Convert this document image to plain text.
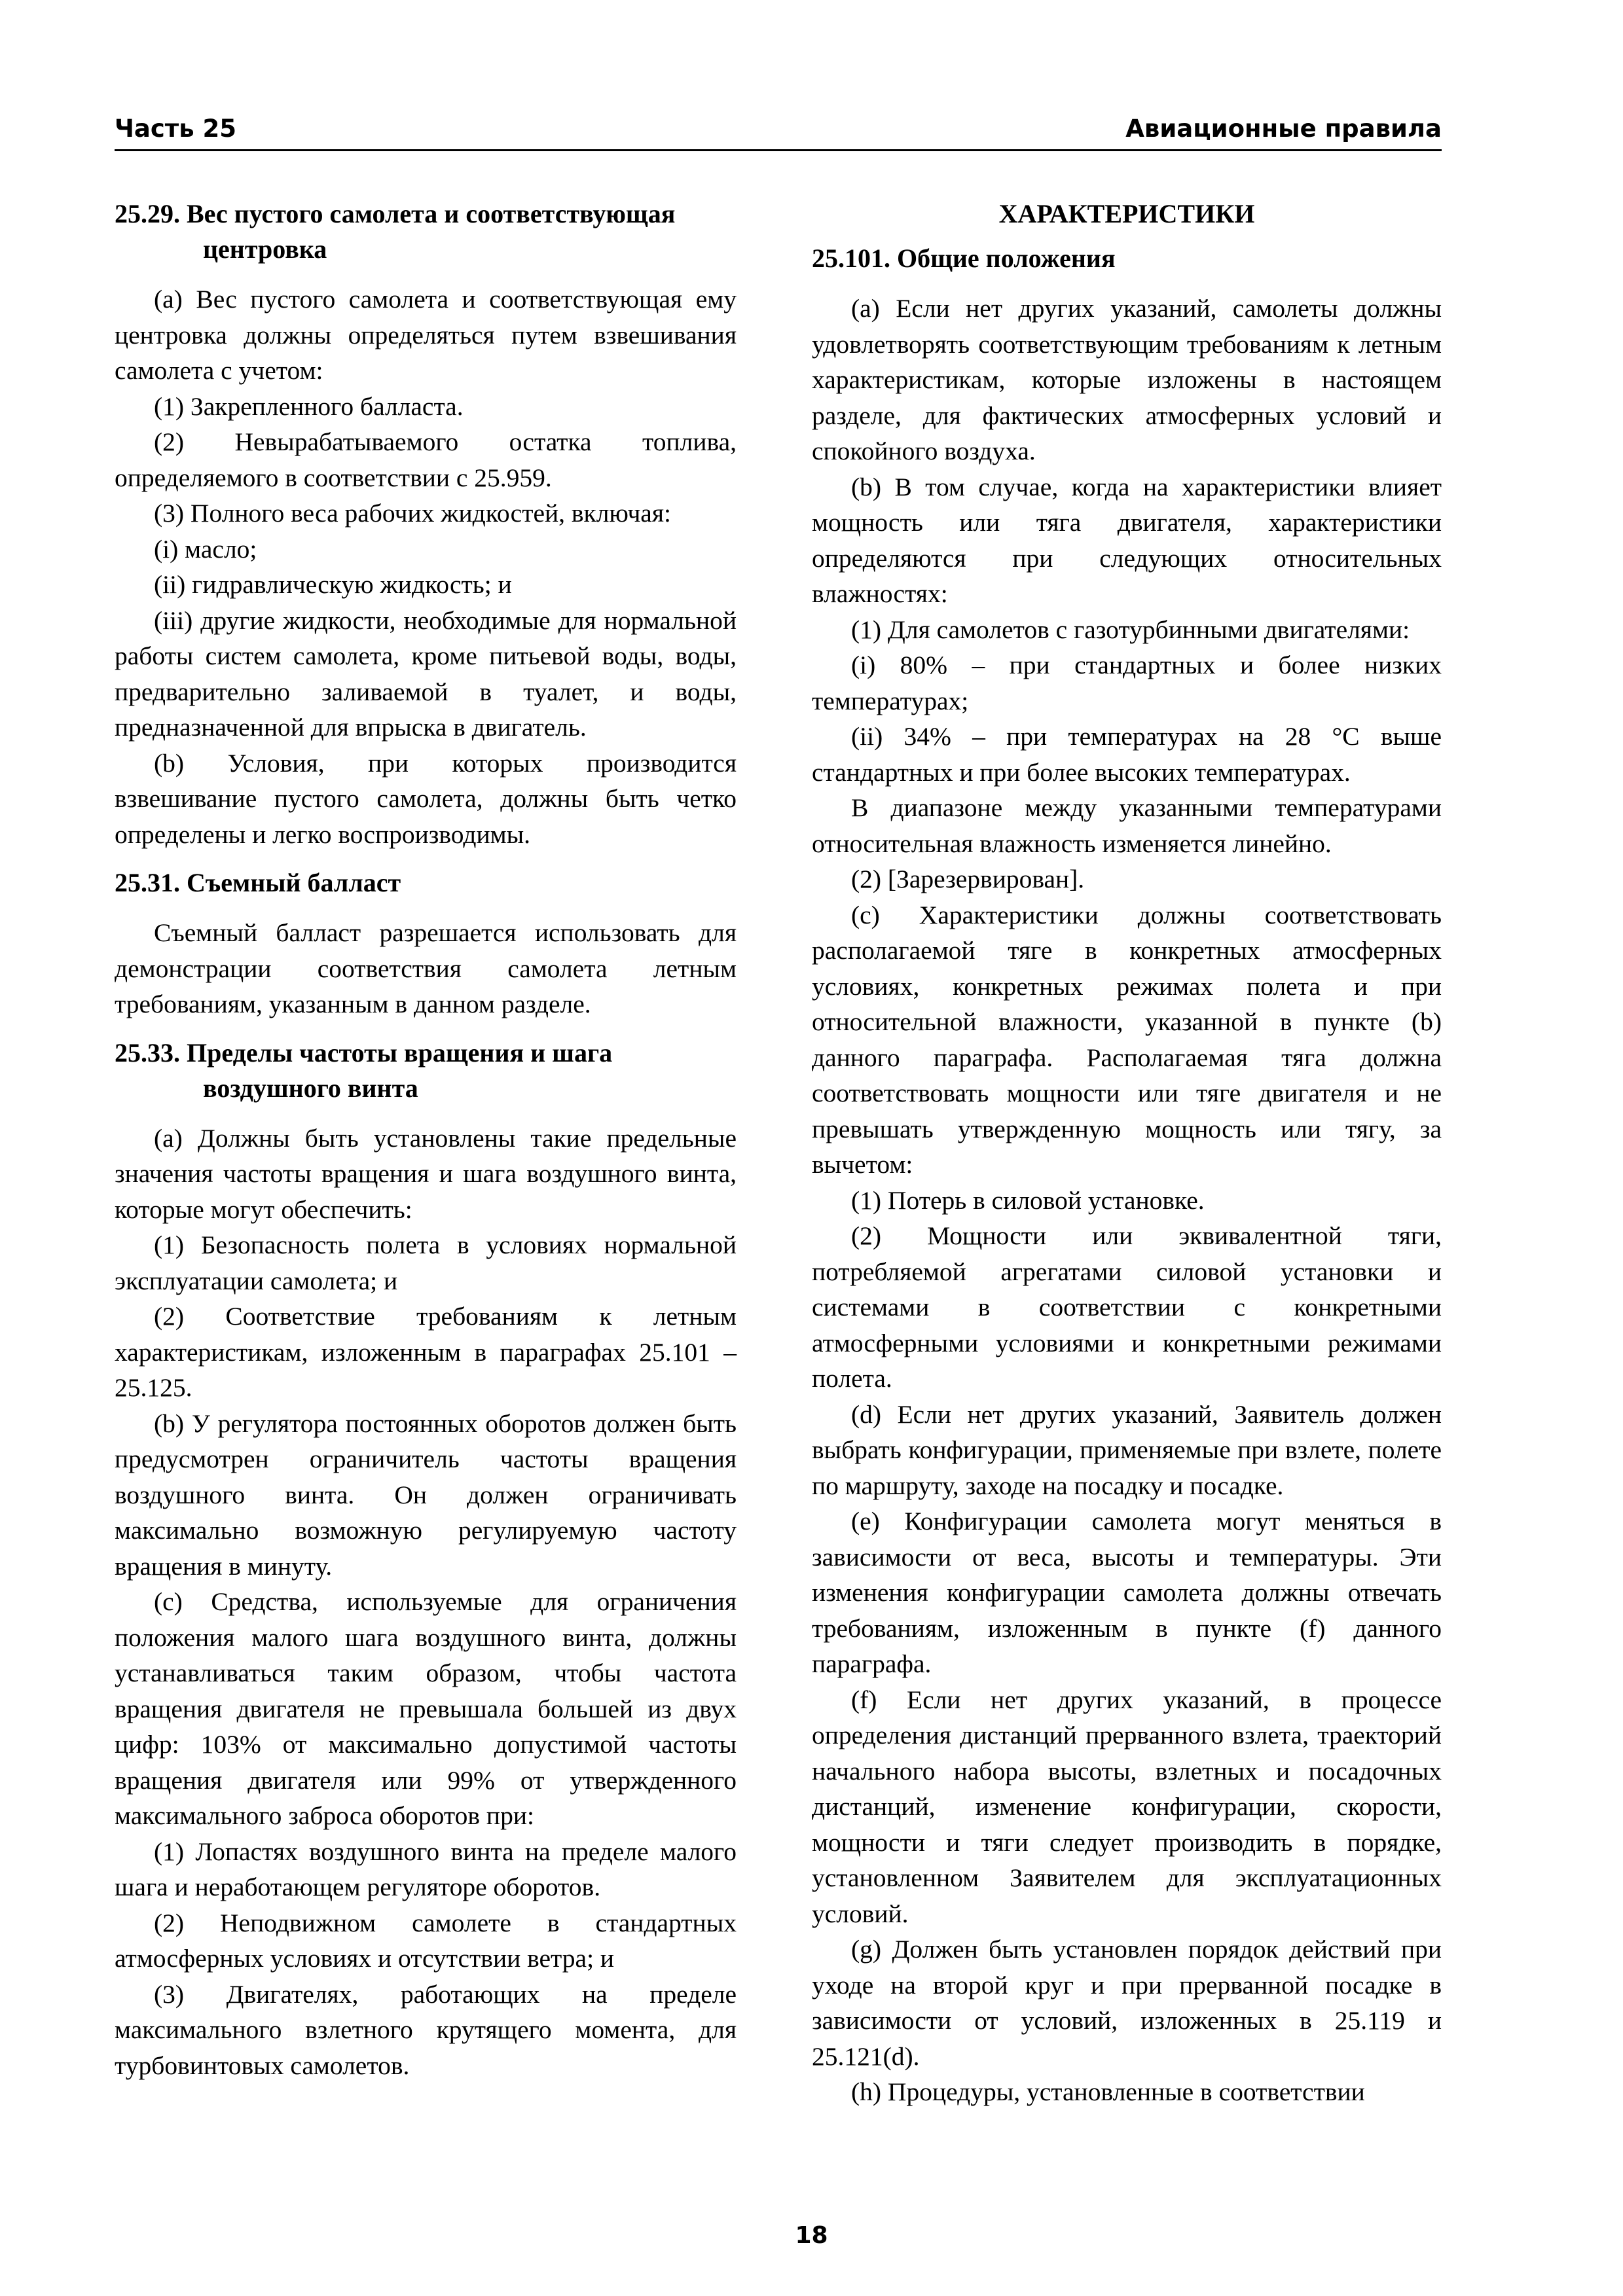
Часть 25	Авиационные правила
25.29. Вес пустого самолета и соответствующая центровка

(a) Вес пустого самолета и соответствующая ему центровка должны определяться путем взвешивания самолета с учетом:

(1) Закрепленного балласта.

(2) Невырабатываемого остатка топлива, определяемого в соответствии с 25.959.

(3) Полного веса рабочих жидкостей, включая:

(i) масло;

(ii) гидравлическую жидкость; и

(iii) другие жидкости, необходимые для нормальной работы систем самолета, кроме питьевой воды, воды, предварительно заливаемой в туалет, и воды, предназначенной для впрыска в двигатель.

(b) Условия, при которых производится взвешивание пустого самолета, должны быть четко определены и легко воспроизводимы.

25.31. Съемный балласт

Съемный балласт разрешается использовать для демонстрации соответствия самолета летным требованиям, указанным в данном разделе.

25.33. Пределы частоты вращения и шага воздушного винта

(a) Должны быть установлены такие предельные значения частоты вращения и шага воздушного винта, которые могут обеспечить:

(1) Безопасность полета в условиях нормальной эксплуатации самолета; и

(2) Соответствие требованиям к летным характеристикам, изложенным в параграфах 25.101 – 25.125.

(b) У регулятора постоянных оборотов должен быть предусмотрен ограничитель частоты вращения воздушного винта. Он должен ограничивать максимально возможную регулируемую частоту вращения в минуту.

(c) Средства, используемые для ограничения положения малого шага воздушного винта, должны устанавливаться таким образом, чтобы частота вращения двигателя не превышала большей из двух цифр: 103% от максимально допустимой частоты вращения двигателя или 99% от утвержденного максимального заброса оборотов при:

(1) Лопастях воздушного винта на пределе малого шага и неработающем регуляторе оборотов.

(2) Неподвижном самолете в стандартных атмосферных условиях и отсутствии ветра; и

(3) Двигателях, работающих на пределе максимального взлетного крутящего момента, для турбовинтовых самолетов.

ХАРАКТЕРИСТИКИ
25.101. Общие положения

(a) Если нет других указаний, самолеты должны удовлетворять соответствующим требованиям к летным характеристикам, которые изложены в настоящем разделе, для фактических атмосферных условий и спокойного воздуха.

(b) В том случае, когда на характеристики влияет мощность или тяга двигателя, характеристики определяются при следующих относительных влажностях:

(1) Для самолетов с газотурбинными двигателями:

(i) 80% – при стандартных и более низких температурах;

(ii) 34% – при температурах на 28 °С выше стандартных и при более высоких температурах.

В диапазоне между указанными температурами относительная влажность изменяется линейно.

(2) [Зарезервирован].

(c) Характеристики должны соответствовать располагаемой тяге в конкретных атмосферных условиях, конкретных режимах полета и при относительной влажности, указанной в пункте (b) данного параграфа. Располагаемая тяга должна соответствовать мощности или тяге двигателя и не превышать утвержденную мощность или тягу, за вычетом:

(1) Потерь в силовой установке.

(2) Мощности или эквивалентной тяги, потребляемой агрегатами силовой установки и системами в соответствии с конкретными атмосферными условиями и конкретными режимами полета.

(d) Если нет других указаний, Заявитель должен выбрать конфигурации, применяемые при взлете, полете по маршруту, заходе на посадку и посадке.

(e) Конфигурации самолета могут меняться в зависимости от веса, высоты и температуры. Эти изменения конфигурации самолета должны отвечать требованиям, изложенным в пункте (f) данного параграфа.

(f) Если нет других указаний, в процессе определения дистанций прерванного взлета, траекторий начального набора высоты, взлетных и посадочных дистанций, изменение конфигурации, скорости, мощности и тяги следует производить в порядке, установленном Заявителем для эксплуатационных условий.

(g) Должен быть установлен порядок действий при уходе на второй круг и при прерванной посадке в зависимости от условий, изложенных в 25.119 и 25.121(d).

(h) Процедуры, установленные в соответствии

18
